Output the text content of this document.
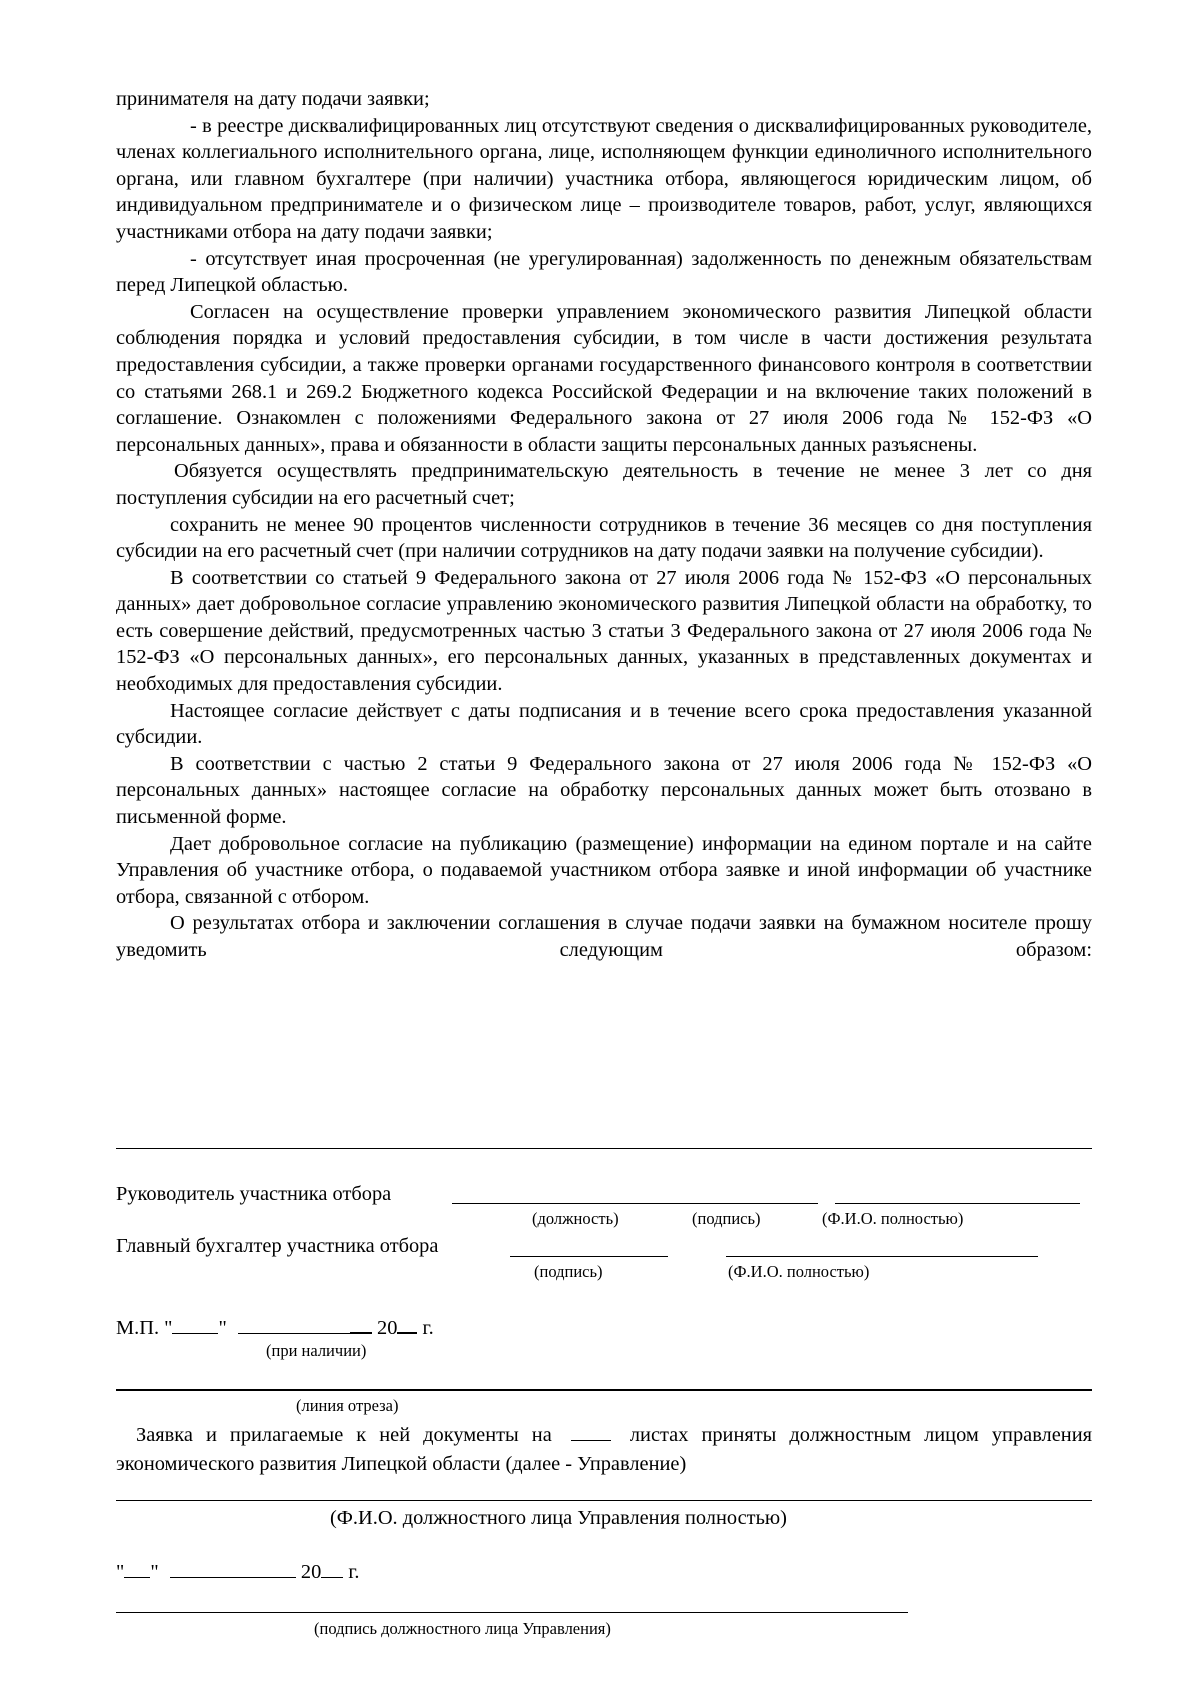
принимателя на дату подачи заявки;

- в реестре дисквалифицированных лиц отсутствуют сведения о дисквалифицированных руководителе, членах коллегиального исполнительного органа, лице, исполняющем функции единоличного исполнительного органа, или главном бухгалтере (при наличии) участника отбора, являющегося юридическим лицом, об индивидуальном предпринимателе и о физическом лице – производителе товаров, работ, услуг, являющихся участниками отбора на дату подачи заявки;

- отсутствует иная просроченная (не урегулированная) задолженность по денежным обязательствам перед Липецкой областью.

Согласен на осуществление проверки управлением экономического развития Липецкой области соблюдения порядка и условий предоставления субсидии, в том числе в части достижения результата предоставления субсидии, а также проверки органами государственного финансового контроля в соответствии со статьями 268.1 и 269.2 Бюджетного кодекса Российской Федерации и на включение таких положений в соглашение. Ознакомлен с положениями Федерального закона от 27 июля 2006 года № 152-ФЗ «О персональных данных», права и обязанности в области защиты персональных данных разъяснены.

Обязуется осуществлять предпринимательскую деятельность в течение не менее 3 лет со дня поступления субсидии на его расчетный счет;

сохранить не менее 90 процентов численности сотрудников в течение 36 месяцев со дня поступления субсидии на его расчетный счет (при наличии сотрудников на дату подачи заявки на получение субсидии).

В соответствии со статьей 9 Федерального закона от 27 июля 2006 года № 152-ФЗ «О персональных данных» дает добровольное согласие управлению экономического развития Липецкой области на обработку, то есть совершение действий, предусмотренных частью 3 статьи 3 Федерального закона от 27 июля 2006 года № 152-ФЗ «О персональных данных», его персональных данных, указанных в представленных документах и необходимых для предоставления субсидии.

Настоящее согласие действует с даты подписания и в течение всего срока предоставления указанной субсидии.

В соответствии с частью 2 статьи 9 Федерального закона от 27 июля 2006 года № 152-ФЗ «О персональных данных» настоящее согласие на обработку персональных данных может быть отозвано в письменной форме.

Дает добровольное согласие на публикацию (размещение) информации на едином портале и на сайте Управления об участнике отбора, о подаваемой участником отбора заявке и иной информации об участнике отбора, связанной с отбором.

О результатах отбора и заключении соглашения в случае подачи заявки на бумажном носителе прошу уведомить следующим образом:

Руководитель участника отбора
(должность)	(подпись)	(Ф.И.О. полностью)
Главный бухгалтер участника отбора
(подпись)	(Ф.И.О. полностью)
М.П. " "	20 г.
(при наличии)
(линия отреза)
Заявка и прилагаемые к ней документы на	листах приняты должностным лицом управления экономического развития Липецкой области (далее - Управление)
(Ф.И.О. должностного лица Управления полностью)
" "	20 г.
(подпись должностного лица Управления)
